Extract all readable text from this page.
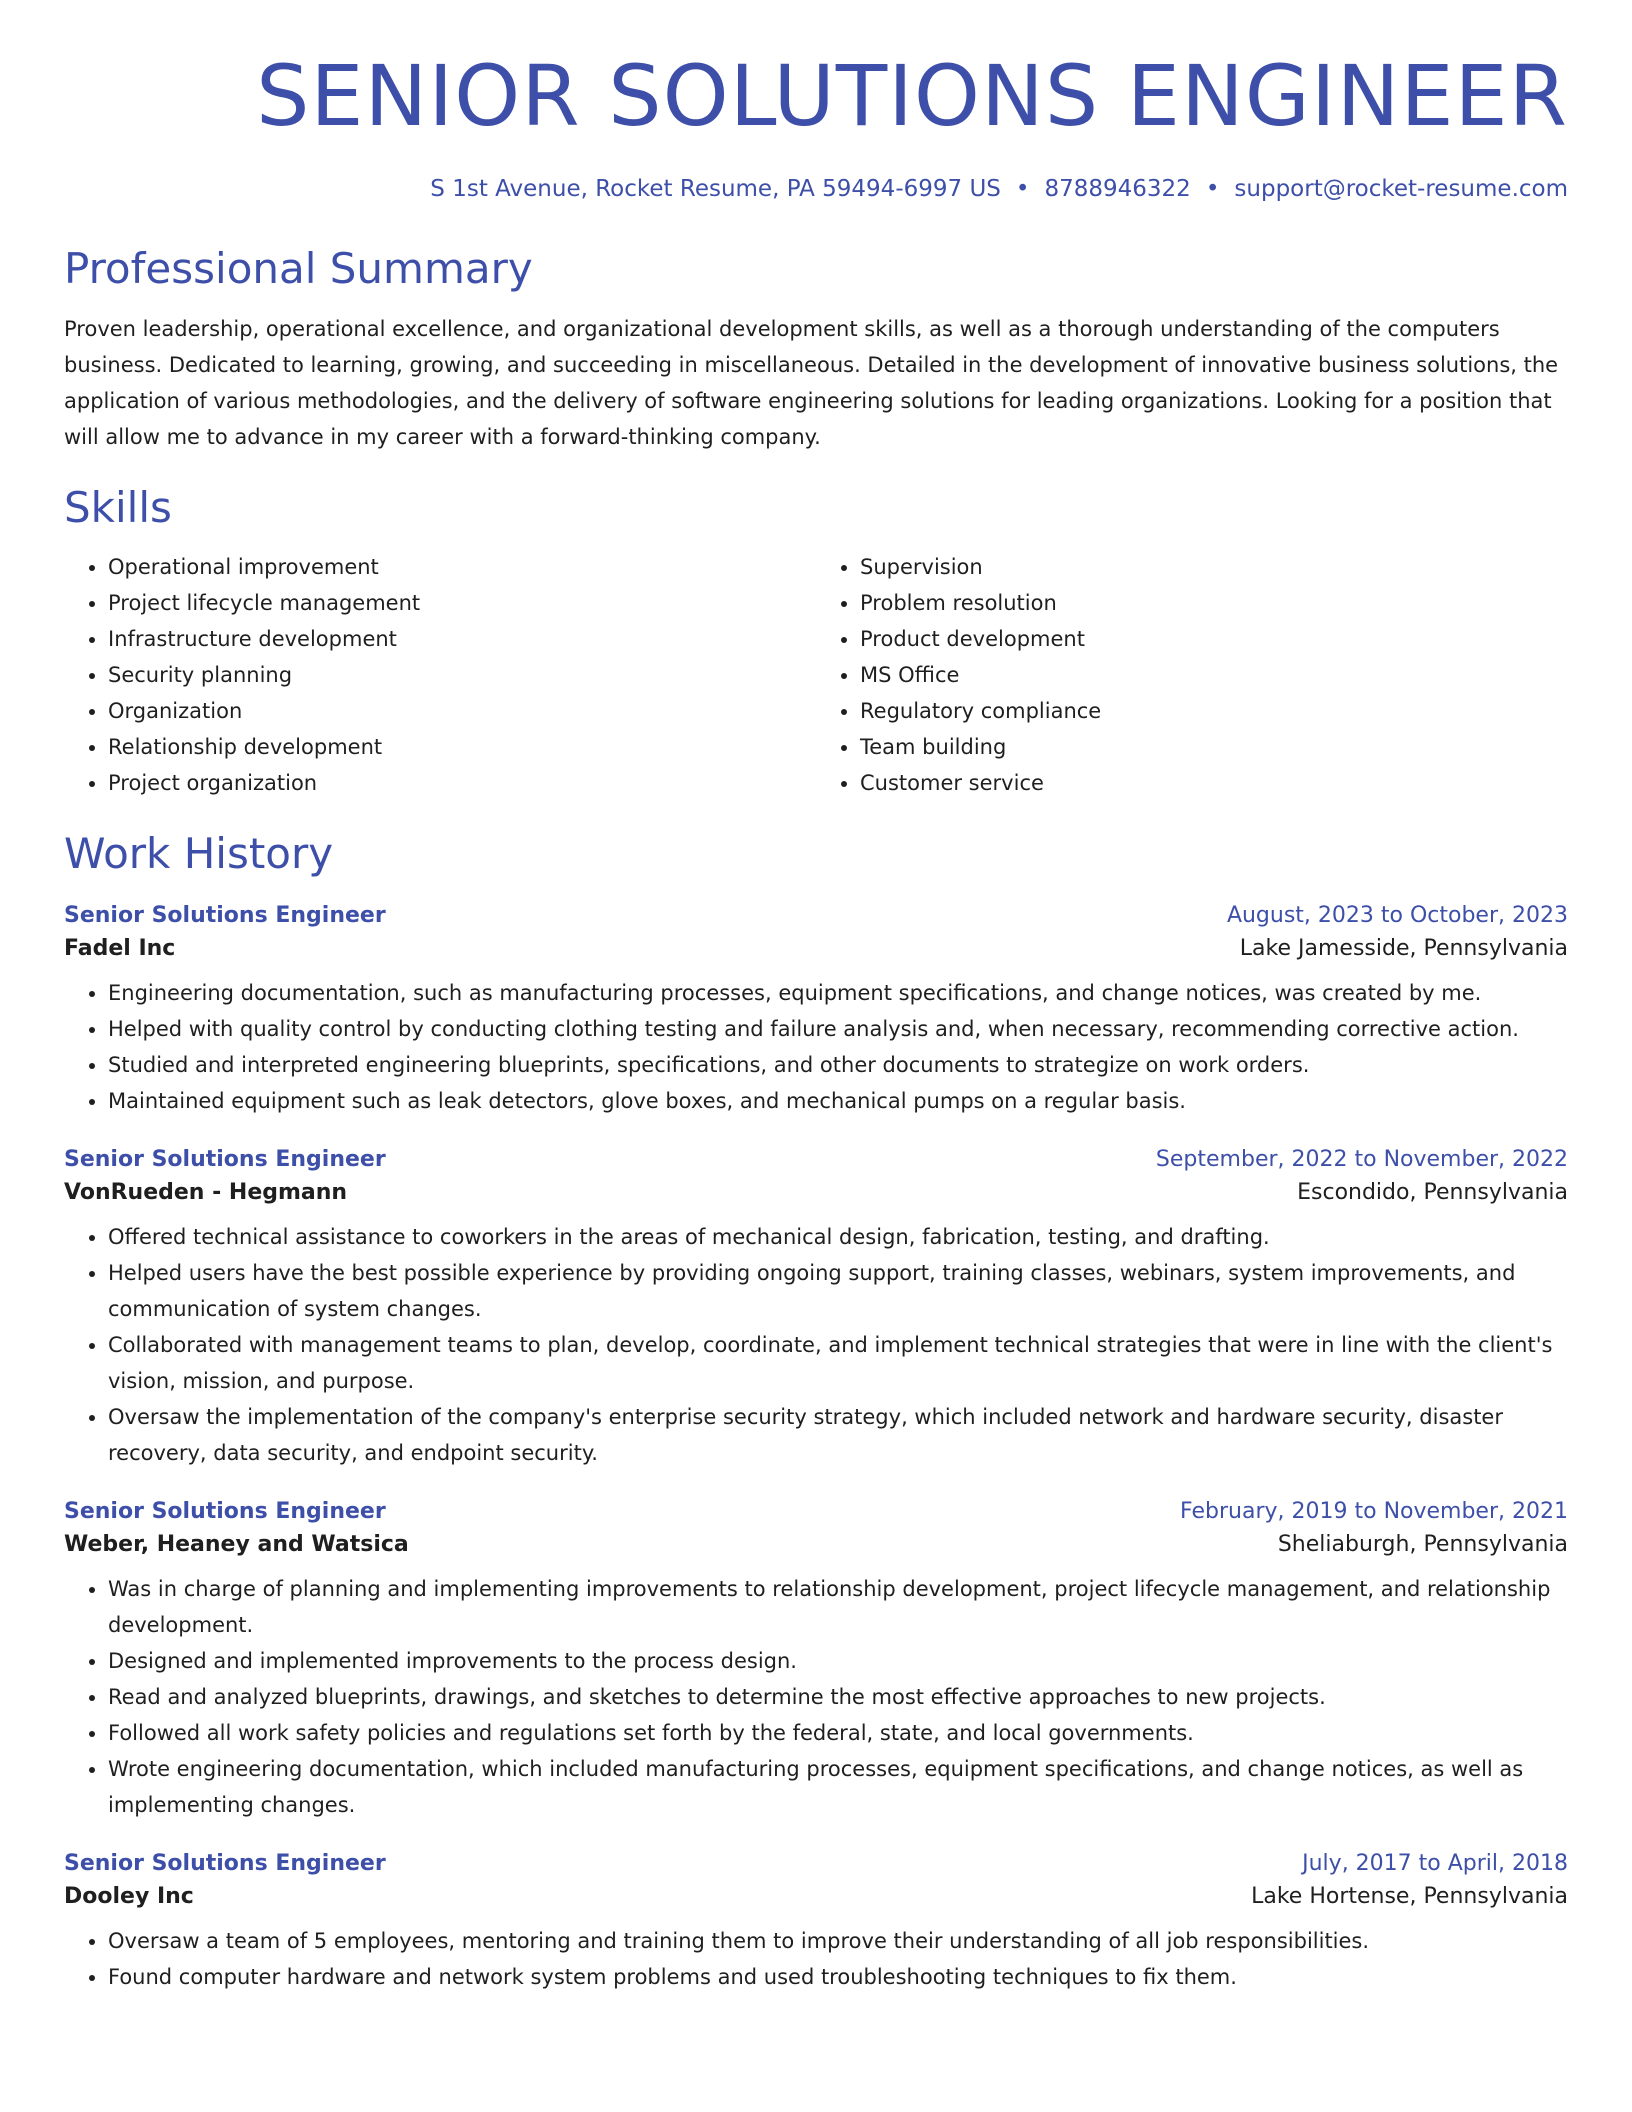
SENIOR SOLUTIONS ENGINEER
S 1st Avenue, Rocket Resume, PA 59494-6997 US • 8788946322 • support@rocket-resume.com
Professional Summary
Proven leadership, operational excellence, and organizational development skills, as well as a thorough understanding of the computers business. Dedicated to learning, growing, and succeeding in miscellaneous. Detailed in the development of innovative business solutions, the application of various methodologies, and the delivery of software engineering solutions for leading organizations. Looking for a position that will allow me to advance in my career with a forward-thinking company.
Skills
• Operational improvement
• Project lifecycle management
• Infrastructure development
• Security planning
• Organization
• Relationship development
• Project organization
• Supervision
• Problem resolution
• Product development
• MS Office
• Regulatory compliance
• Team building
• Customer service
Work History
Senior Solutions Engineer	August, 2023 to October, 2023
Fadel Inc	Lake Jamesside, Pennsylvania
• Engineering documentation, such as manufacturing processes, equipment specifications, and change notices, was created by me.
• Helped with quality control by conducting clothing testing and failure analysis and, when necessary, recommending corrective action.
• Studied and interpreted engineering blueprints, specifications, and other documents to strategize on work orders.
• Maintained equipment such as leak detectors, glove boxes, and mechanical pumps on a regular basis.
Senior Solutions Engineer	September, 2022 to November, 2022
VonRueden - Hegmann	Escondido, Pennsylvania
• Offered technical assistance to coworkers in the areas of mechanical design, fabrication, testing, and drafting.
• Helped users have the best possible experience by providing ongoing support, training classes, webinars, system improvements, and communication of system changes.
• Collaborated with management teams to plan, develop, coordinate, and implement technical strategies that were in line with the client's vision, mission, and purpose.
• Oversaw the implementation of the company's enterprise security strategy, which included network and hardware security, disaster recovery, data security, and endpoint security.
Senior Solutions Engineer	February, 2019 to November, 2021
Weber, Heaney and Watsica	Sheliaburgh, Pennsylvania
• Was in charge of planning and implementing improvements to relationship development, project lifecycle management, and relationship development.
• Designed and implemented improvements to the process design.
• Read and analyzed blueprints, drawings, and sketches to determine the most effective approaches to new projects.
• Followed all work safety policies and regulations set forth by the federal, state, and local governments.
• Wrote engineering documentation, which included manufacturing processes, equipment specifications, and change notices, as well as implementing changes.
Senior Solutions Engineer	July, 2017 to April, 2018
Dooley Inc	Lake Hortense, Pennsylvania
• Oversaw a team of 5 employees, mentoring and training them to improve their understanding of all job responsibilities.
• Found computer hardware and network system problems and used troubleshooting techniques to fix them.
